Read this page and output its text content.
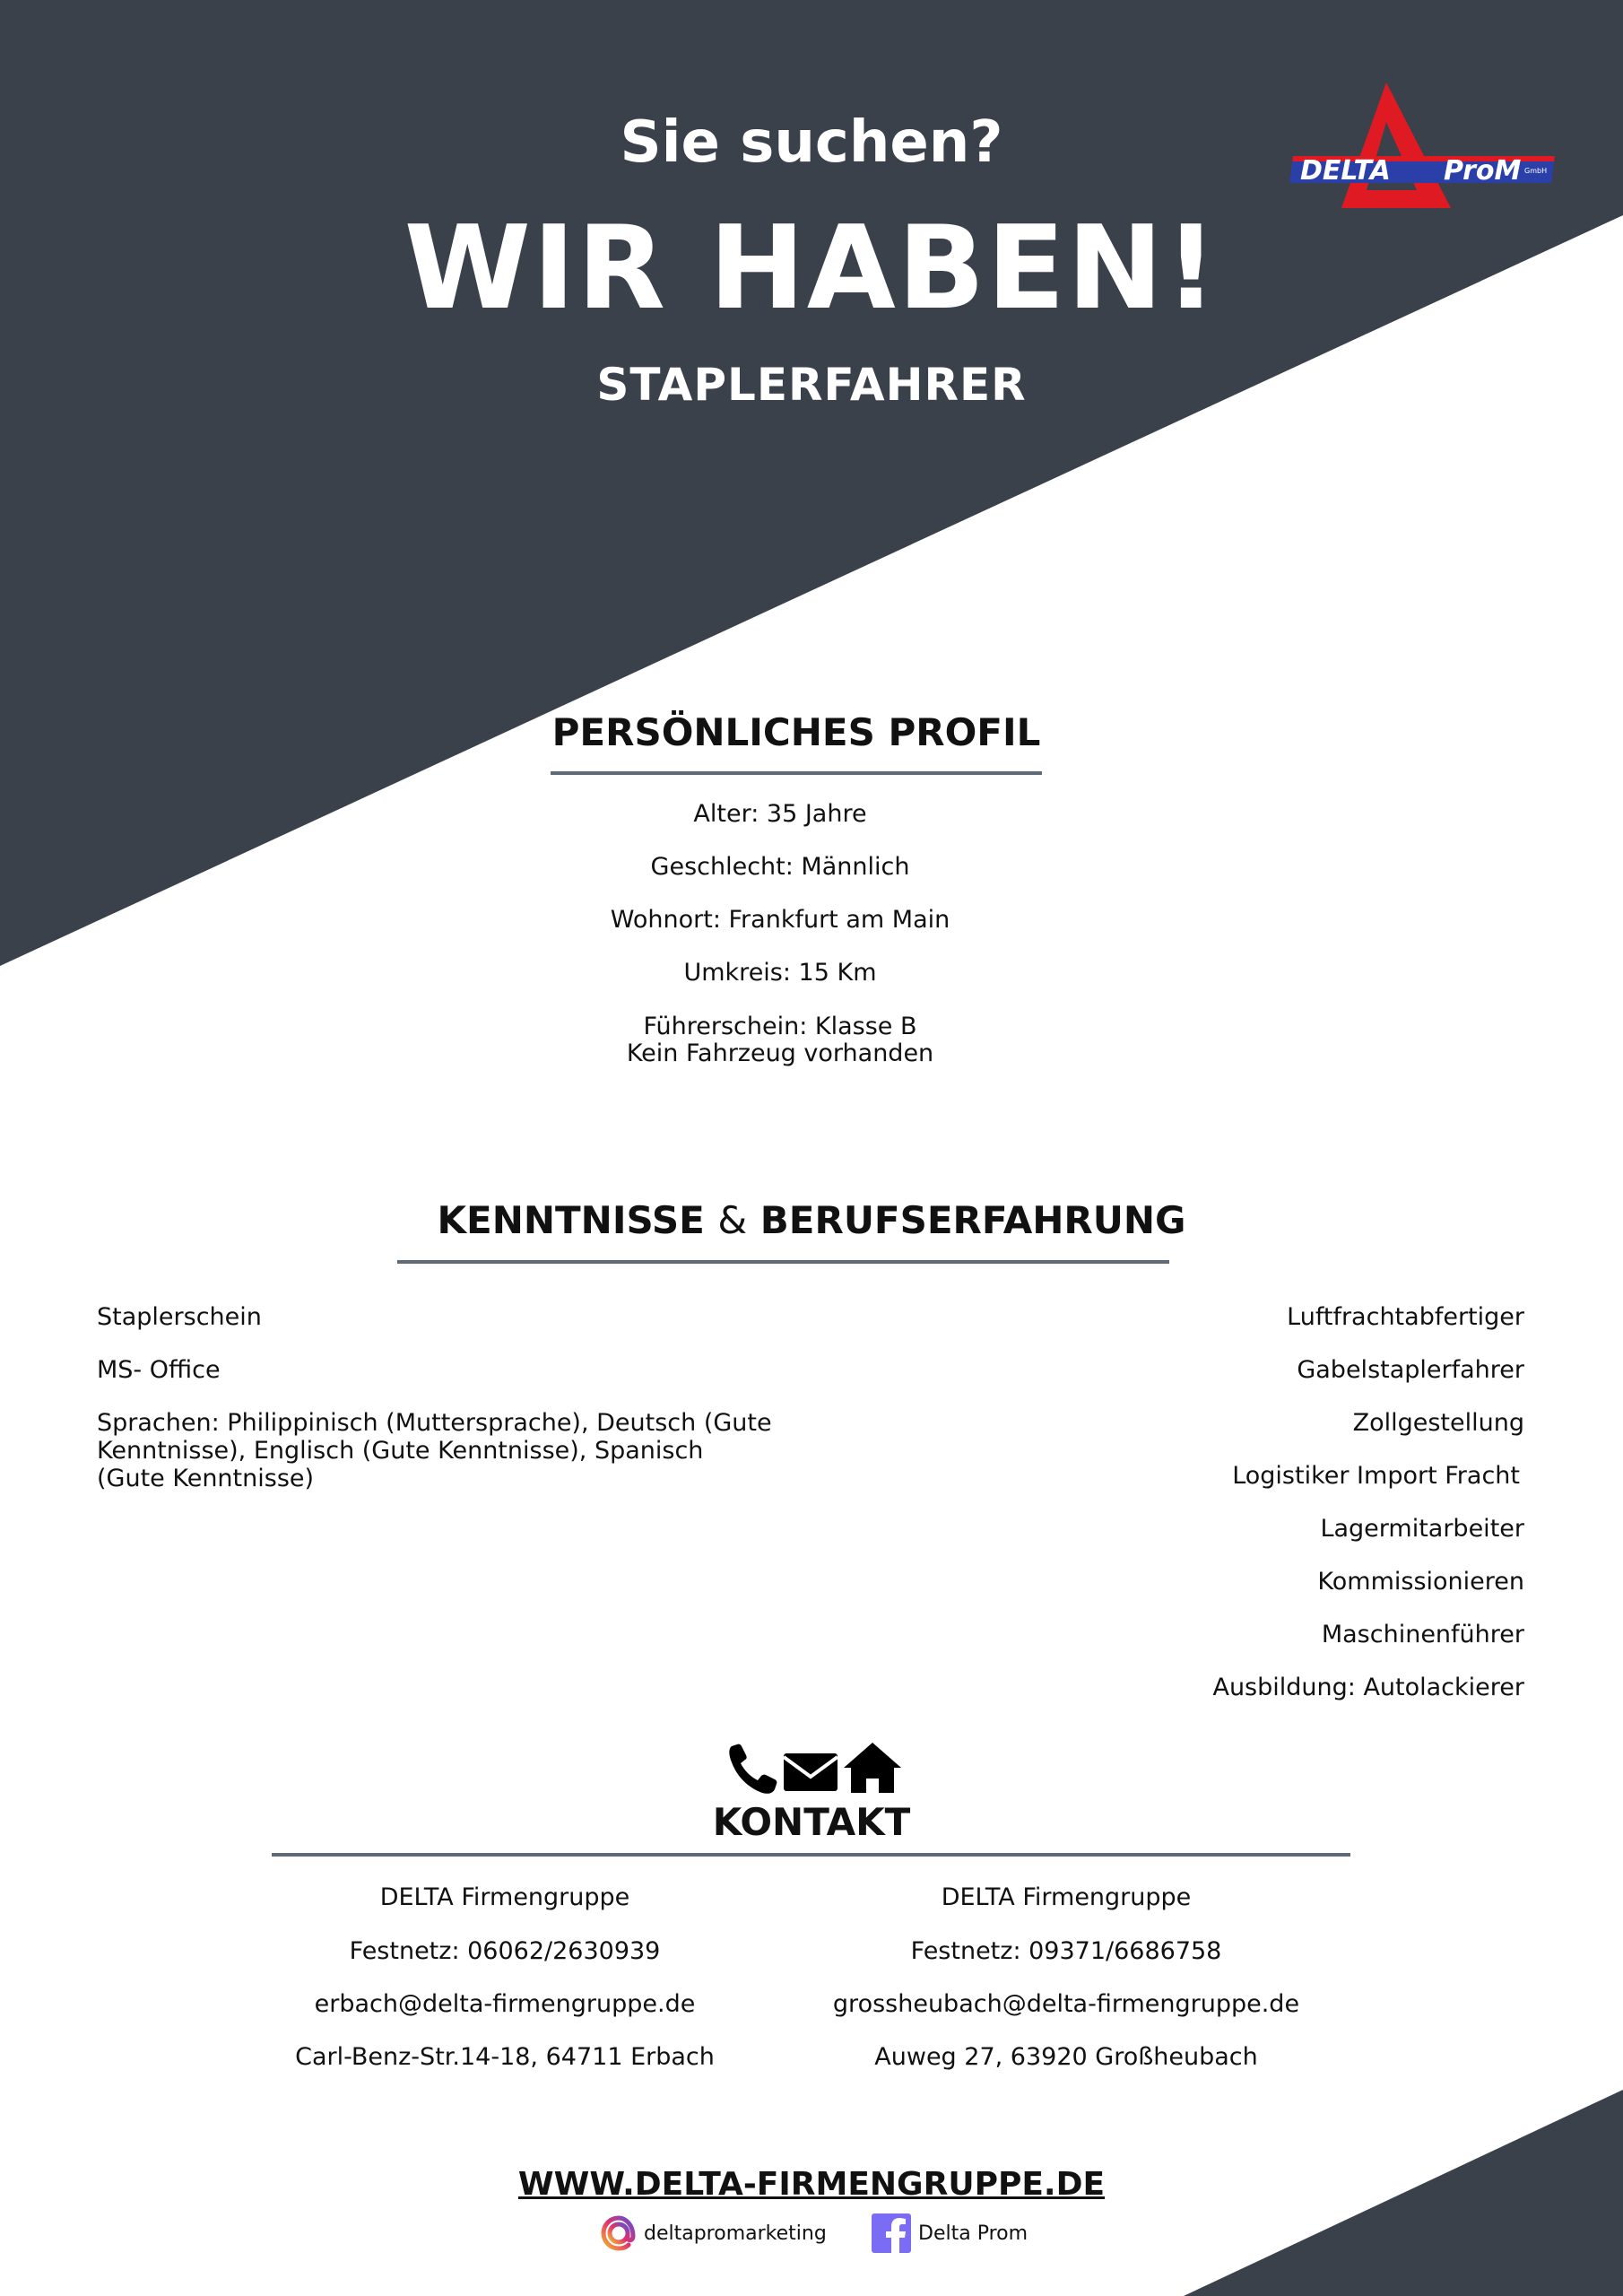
DELTA ProM GmbH
Sie suchen?
WIR HABEN!
STAPLERFAHRER
PERSÖNLICHES PROFIL
Alter: 35 Jahre
Geschlecht: Männlich
Wohnort: Frankfurt am Main
Umkreis: 15 Km
Führerschein: Klasse B
Kein Fahrzeug vorhanden
KENNTNISSE & BERUFSERFAHRUNG
Staplerschein
MS- Office
Sprachen: Philippinisch (Muttersprache), Deutsch (Gute Kenntnisse), Englisch (Gute Kenntnisse), Spanisch (Gute Kenntnisse)
Luftfrachtabfertiger
Gabelstaplerfahrer
Zollgestellung
Logistiker Import Fracht
Lagermitarbeiter
Kommissionieren
Maschinenführer
Ausbildung: Autolackierer
KONTAKT
DELTA Firmengruppe
Festnetz: 06062/2630939
erbach@delta-firmengruppe.de
Carl-Benz-Str.14-18, 64711 Erbach
DELTA Firmengruppe
Festnetz: 09371/6686758
grossheubach@delta-firmengruppe.de
Auweg 27, 63920 Großheubach
WWW.DELTA-FIRMENGRUPPE.DE
deltapromarketing	Delta Prom
